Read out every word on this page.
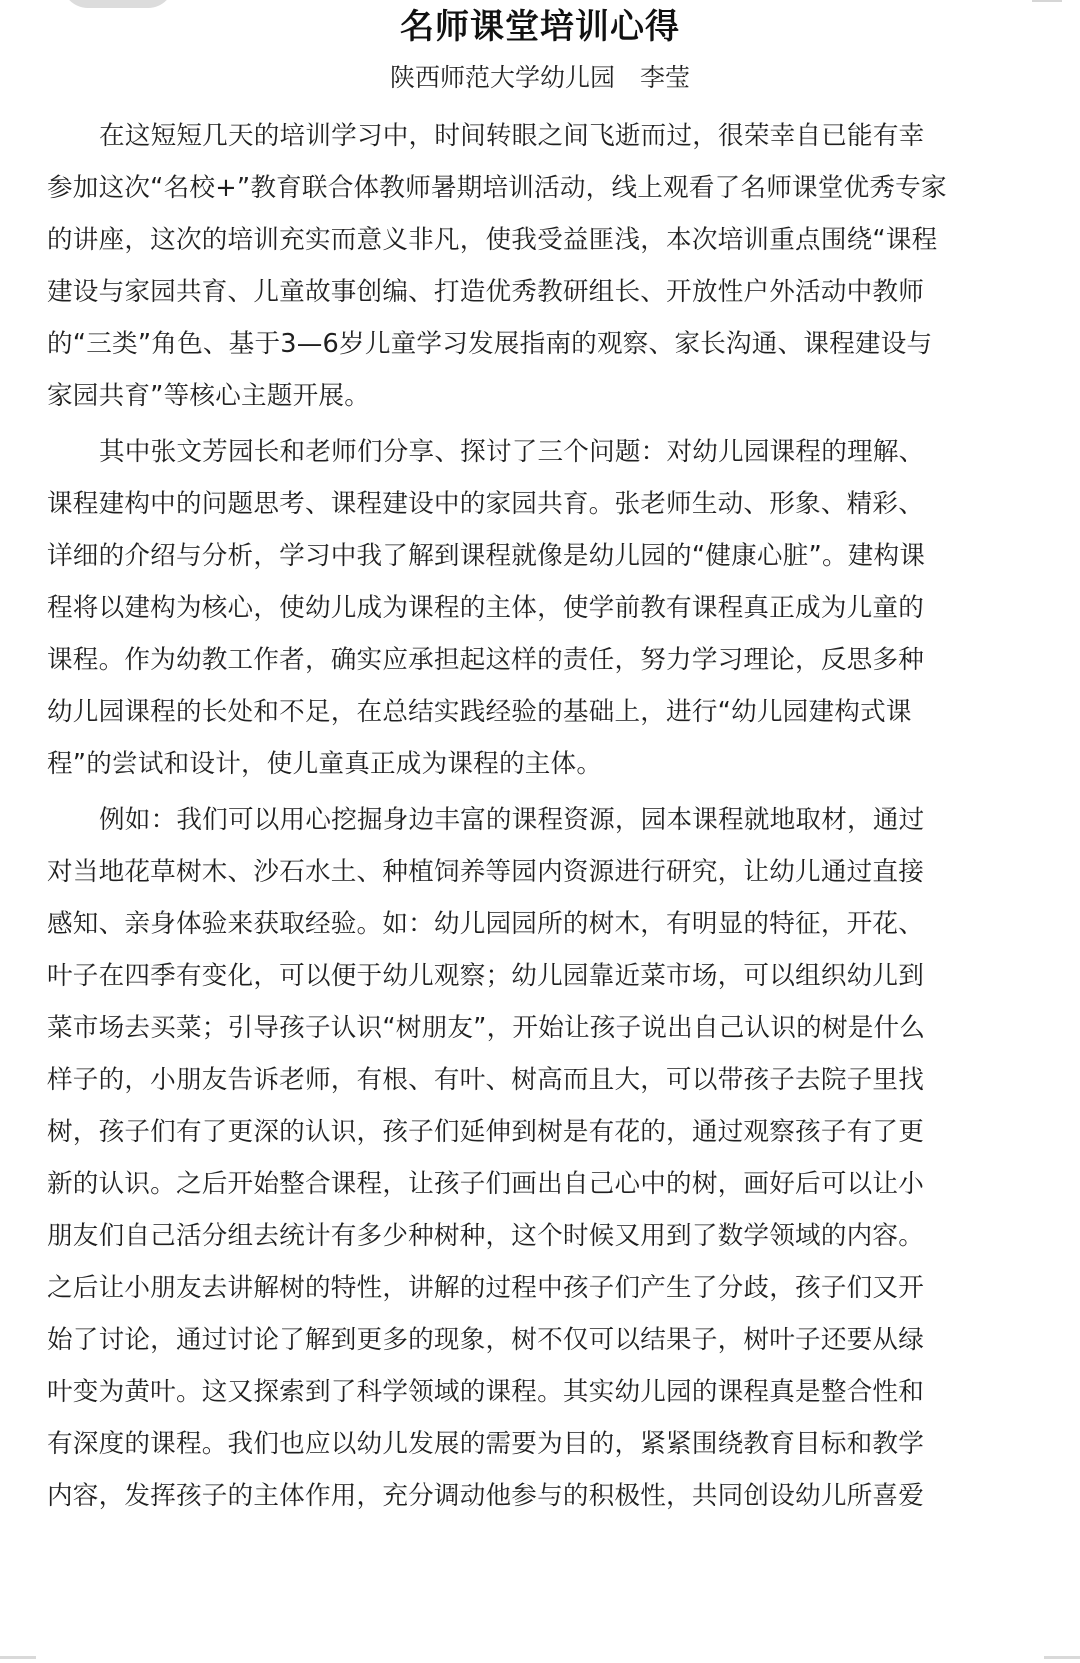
名师课堂培训心得
陕西师范大学幼儿园　李莹
在这短短几天的培训学习中，时间转眼之间飞逝而过，很荣幸自已能有幸
参加这次“名校+”教育联合体教师暑期培训活动，线上观看了名师课堂优秀专家
的讲座，这次的培训充实而意义非凡，使我受益匪浅，本次培训重点围绕“课程
建设与家园共育、儿童故事创编、打造优秀教研组长、开放性户外活动中教师
的“三类”角色、基于3—6岁儿童学习发展指南的观察、家长沟通、课程建设与
家园共育”等核心主题开展。
其中张文芳园长和老师们分享、探讨了三个问题：对幼儿园课程的理解、
课程建构中的问题思考、课程建设中的家园共育。张老师生动、形象、精彩、
详细的介绍与分析，学习中我了解到课程就像是幼儿园的“健康心脏”。建构课
程将以建构为核心，使幼儿成为课程的主体，使学前教有课程真正成为儿童的
课程。作为幼教工作者，确实应承担起这样的责任，努力学习理论，反思多种
幼儿园课程的长处和不足，在总结实践经验的基础上，进行“幼儿园建构式课
程”的尝试和设计，使儿童真正成为课程的主体。
例如：我们可以用心挖掘身边丰富的课程资源，园本课程就地取材，通过
对当地花草树木、沙石水土、种植饲养等园内资源进行研究，让幼儿通过直接
感知、亲身体验来获取经验。如：幼儿园园所的树木，有明显的特征，开花、
叶子在四季有变化，可以便于幼儿观察；幼儿园靠近菜市场，可以组织幼儿到
菜市场去买菜；引导孩子认识“树朋友”，开始让孩子说出自己认识的树是什么
样子的，小朋友告诉老师，有根、有叶、树高而且大，可以带孩子去院子里找
树，孩子们有了更深的认识，孩子们延伸到树是有花的，通过观察孩子有了更
新的认识。之后开始整合课程，让孩子们画出自己心中的树，画好后可以让小
朋友们自己活分组去统计有多少种树种，这个时候又用到了数学领域的内容。
之后让小朋友去讲解树的特性，讲解的过程中孩子们产生了分歧，孩子们又开
始了讨论，通过讨论了解到更多的现象，树不仅可以结果子，树叶子还要从绿
叶变为黄叶。这又探索到了科学领域的课程。其实幼儿园的课程真是整合性和
有深度的课程。我们也应以幼儿发展的需要为目的，紧紧围绕教育目标和教学
内容，发挥孩子的主体作用，充分调动他参与的积极性，共同创设幼儿所喜爱
